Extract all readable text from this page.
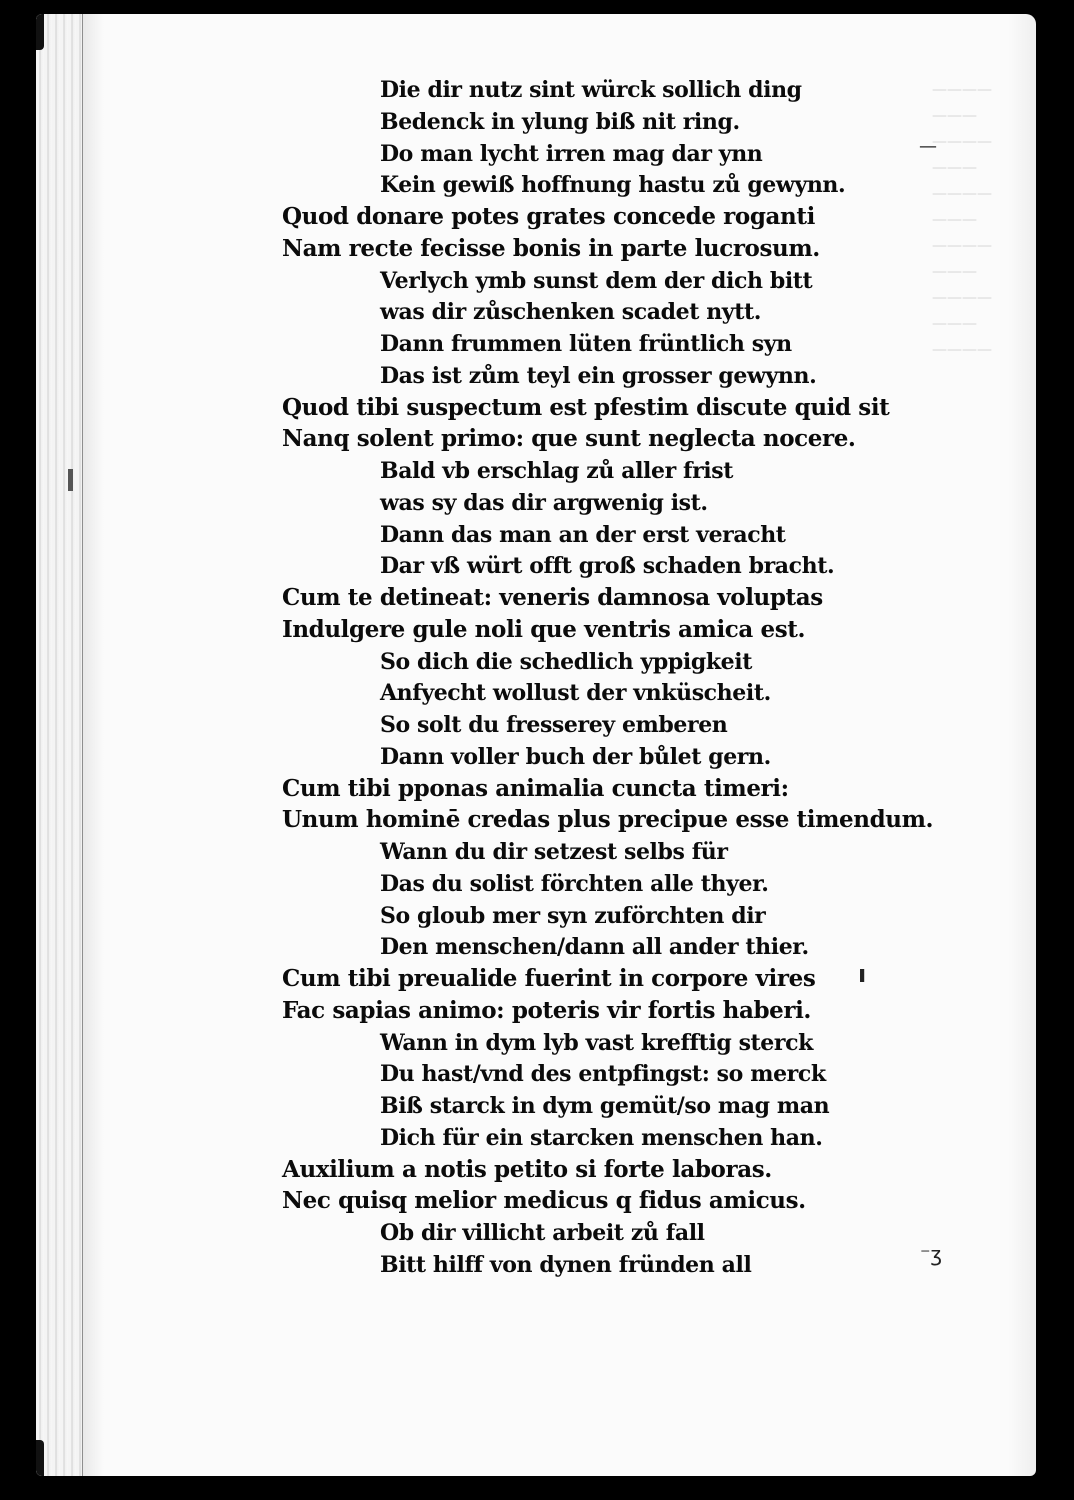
————
———
————
———
————
———
————
———
————
———
————
—
ı
⁻ʒ
Die dir nutz sint würck sollich ding
Bedenck in ylung biß nit ring.
Do man lycht irren mag dar ynn
Kein gewiß hoffnung hastu zů gewynn.
Quod donare potes grates concede roganti
Nam recte fecisse bonis in parte lucrosum.
Verlych ymb sunst dem der dich bitt
was dir zůschenken scadet nytt.
Dann frummen lüten früntlich syn
Das ist zům teyl ein grosser gewynn.
Quod tibi suspectum est pfestim discute quid sit
Nanq solent primo: que sunt neglecta nocere.
Bald vb erschlag zů aller frist
was sy das dir argwenig ist.
Dann das man an der erst veracht
Dar vß würt offt groß schaden bracht.
Cum te detineat: veneris damnosa voluptas
Indulgere gule noli que ventris amica est.
So dich die schedlich yppigkeit
Anfyecht wollust der vnküscheit.
So solt du fresserey emberen
Dann voller buch der bůlet gern.
Cum tibi pponas animalia cuncta timeri:
Unum hominē credas plus precipue esse timendum.
Wann du dir setzest selbs für
Das du solist förchten alle thyer.
So gloub mer syn zuförchten dir
Den menschen/dann all ander thier.
Cum tibi preualide fuerint in corpore vires
Fac sapias animo: poteris vir fortis haberi.
Wann in dym lyb vast krefftig sterck
Du hast/vnd des entpfingst: so merck
Biß starck in dym gemüt/so mag man
Dich für ein starcken menschen han.
Auxilium a notis petito si forte laboras.
Nec quisq melior medicus q fidus amicus.
Ob dir villicht arbeit zů fall
Bitt hilff von dynen fründen all
